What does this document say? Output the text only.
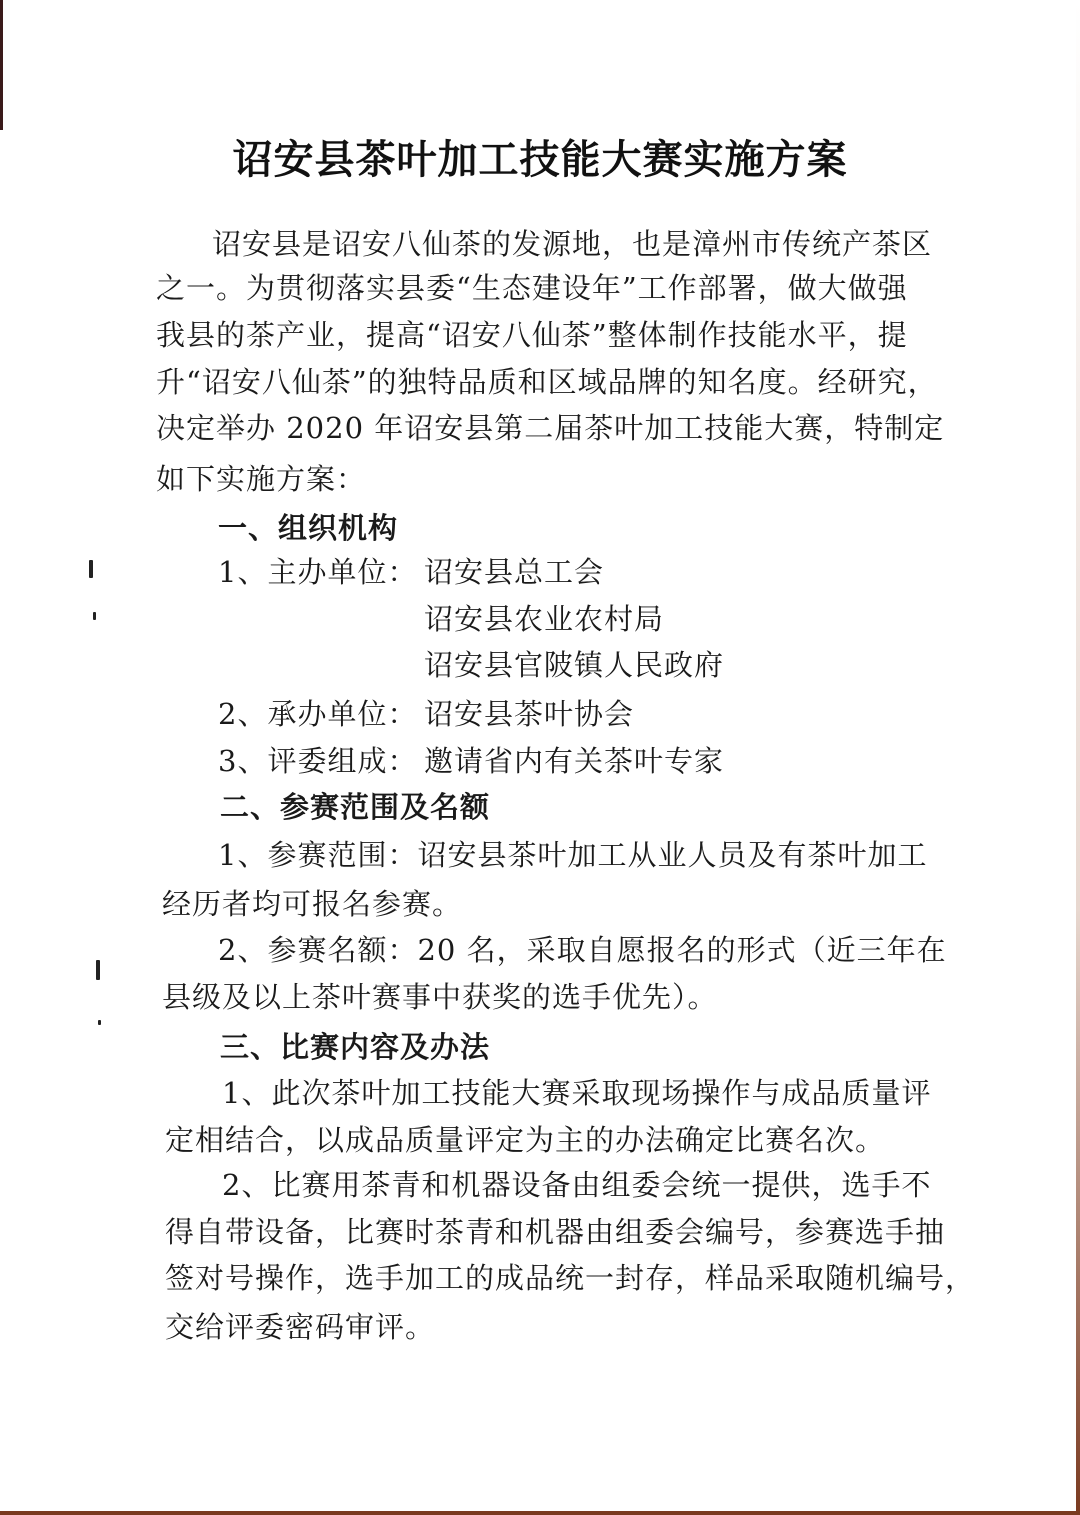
诏安县茶叶加工技能大赛实施方案
诏安县是诏安八仙茶的发源地，也是漳州市传统产茶区
之一。为贯彻落实县委“生态建设年”工作部署，做大做强
我县的茶产业，提高“诏安八仙茶”整体制作技能水平，提
升“诏安八仙茶”的独特品质和区域品牌的知名度。经研究，
决定举办 2020 年诏安县第二届茶叶加工技能大赛，特制定
如下实施方案：
一、组织机构
1、主办单位： 诏安县总工会
诏安县农业农村局
诏安县官陂镇人民政府
2、承办单位： 诏安县茶叶协会
3、评委组成： 邀请省内有关茶叶专家
二、参赛范围及名额
1、参赛范围：诏安县茶叶加工从业人员及有茶叶加工
经历者均可报名参赛。
2、参赛名额：20 名，采取自愿报名的形式（近三年在
县级及以上茶叶赛事中获奖的选手优先）。
三、比赛内容及办法
1、此次茶叶加工技能大赛采取现场操作与成品质量评
定相结合，以成品质量评定为主的办法确定比赛名次。
2、比赛用茶青和机器设备由组委会统一提供，选手不
得自带设备，比赛时茶青和机器由组委会编号，参赛选手抽
签对号操作，选手加工的成品统一封存，样品采取随机编号，
交给评委密码审评。
